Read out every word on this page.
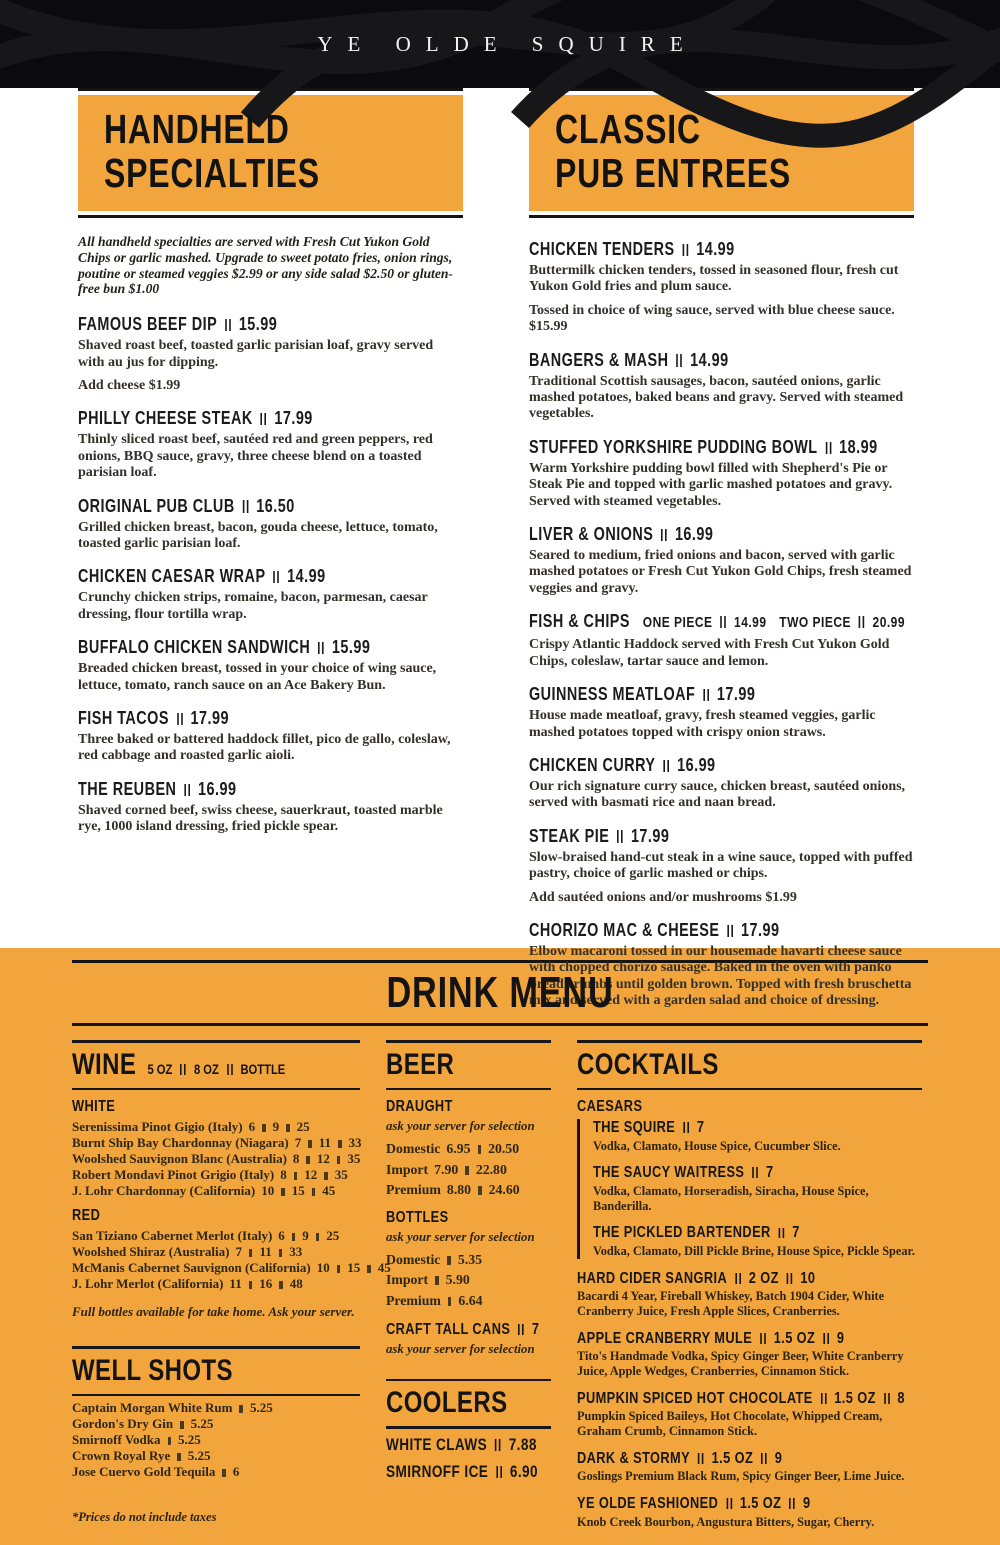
YE OLDE SQUIRE
HANDHELD
SPECIALTIES

All handheld specialties are served with Fresh Cut Yukon Gold Chips or garlic mashed. Upgrade to sweet potato fries, onion rings, poutine or steamed veggies $2.99 or any side salad $2.50 or gluten-free bun $1.00

FAMOUS BEEF DIP 15.99

Shaved roast beef, toasted garlic parisian loaf, gravy served with au jus for dipping.

Add cheese $1.99

PHILLY CHEESE STEAK 17.99

Thinly sliced roast beef, sautéed red and green peppers, red onions, BBQ sauce, gravy, three cheese blend on a toasted parisian loaf.

ORIGINAL PUB CLUB 16.50

Grilled chicken breast, bacon, gouda cheese, lettuce, tomato, toasted garlic parisian loaf.

CHICKEN CAESAR WRAP 14.99

Crunchy chicken strips, romaine, bacon, parmesan, caesar dressing, flour tortilla wrap.

BUFFALO CHICKEN SANDWICH 15.99

Breaded chicken breast, tossed in your choice of wing sauce, lettuce, tomato, ranch sauce on an Ace Bakery Bun.

FISH TACOS 17.99

Three baked or battered haddock fillet, pico de gallo, coleslaw, red cabbage and roasted garlic aioli.

THE REUBEN 16.99

Shaved corned beef, swiss cheese, sauerkraut, toasted marble rye, 1000 island dressing, fried pickle spear.

CLASSIC
PUB ENTREES
CHICKEN TENDERS 14.99

Buttermilk chicken tenders, tossed in seasoned flour, fresh cut Yukon Gold fries and plum sauce.

Tossed in choice of wing sauce, served with blue cheese sauce. $15.99

BANGERS & MASH 14.99

Traditional Scottish sausages, bacon, sautéed onions, garlic mashed potatoes, baked beans and gravy. Served with steamed vegetables.

STUFFED YORKSHIRE PUDDING BOWL 18.99

Warm Yorkshire pudding bowl filled with Shepherd's Pie or Steak Pie and topped with garlic mashed potatoes and gravy. Served with steamed vegetables.

LIVER & ONIONS 16.99

Seared to medium, fried onions and bacon, served with garlic mashed potatoes or Fresh Cut Yukon Gold Chips, fresh steamed veggies and gravy.

FISH & CHIPS ONE PIECE 14.99 TWO PIECE 20.99

Crispy Atlantic Haddock served with Fresh Cut Yukon Gold Chips, coleslaw, tartar sauce and lemon.

GUINNESS MEATLOAF 17.99

House made meatloaf, gravy, fresh steamed veggies, garlic mashed potatoes topped with crispy onion straws.

CHICKEN CURRY 16.99

Our rich signature curry sauce, chicken breast, sautéed onions, served with basmati rice and naan bread.

STEAK PIE 17.99

Slow-braised hand-cut steak in a wine sauce, topped with puffed pastry, choice of garlic mashed or chips.

Add sautéed onions and/or mushrooms $1.99

CHORIZO MAC & CHEESE 17.99

Elbow macaroni tossed in our housemade havarti cheese sauce with chopped chorizo sausage. Baked in the oven with panko bread crumbs until golden brown. Topped with fresh bruschetta mix and served with a garden salad and choice of dressing.

DRINK MENU
WINE 5 OZ 8 OZ BOTTLE
WHITE
Serenissima Pinot Gigio (Italy) 6 9 25
Burnt Ship Bay Chardonnay (Niagara) 7 11 33
Woolshed Sauvignon Blanc (Australia) 8 12 35
Robert Mondavi Pinot Grigio (Italy) 8 12 35
J. Lohr Chardonnay (California) 10 15 45
RED
San Tiziano Cabernet Merlot (Italy) 6 9 25
Woolshed Shiraz (Australia) 7 11 33
McManis Cabernet Sauvignon (California) 10 15 45
J. Lohr Merlot (California) 11 16 48

Full bottles available for take home. Ask your server.

WELL SHOTS
Captain Morgan White Rum 5.25
Gordon's Dry Gin 5.25
Smirnoff Vodka 5.25
Crown Royal Rye 5.25
Jose Cuervo Gold Tequila 6

*Prices do not include taxes

BEER
DRAUGHT

ask your server for selection

Domestic 6.95 20.50
Import 7.90 22.80
Premium 8.80 24.60
BOTTLES

ask your server for selection

Domestic 5.35
Import 5.90
Premium 6.64
CRAFT TALL CANS 7

ask your server for selection

COOLERS
WHITE CLAWS 7.88
SMIRNOFF ICE 6.90
COCKTAILS
CAESARS
THE SQUIRE 7

Vodka, Clamato, House Spice, Cucumber Slice.

THE SAUCY WAITRESS 7

Vodka, Clamato, Horseradish, Siracha, House Spice, Banderilla.

THE PICKLED BARTENDER 7

Vodka, Clamato, Dill Pickle Brine, House Spice, Pickle Spear.

HARD CIDER SANGRIA 2 OZ 10

Bacardi 4 Year, Fireball Whiskey, Batch 1904 Cider, White Cranberry Juice, Fresh Apple Slices, Cranberries.

APPLE CRANBERRY MULE 1.5 OZ 9

Tito's Handmade Vodka, Spicy Ginger Beer, White Cranberry Juice, Apple Wedges, Cranberries, Cinnamon Stick.

PUMPKIN SPICED HOT CHOCOLATE 1.5 OZ 8

Pumpkin Spiced Baileys, Hot Chocolate, Whipped Cream, Graham Crumb, Cinnamon Stick.

DARK & STORMY 1.5 OZ 9

Goslings Premium Black Rum, Spicy Ginger Beer, Lime Juice.

YE OLDE FASHIONED 1.5 OZ 9

Knob Creek Bourbon, Angustura Bitters, Sugar, Cherry.
